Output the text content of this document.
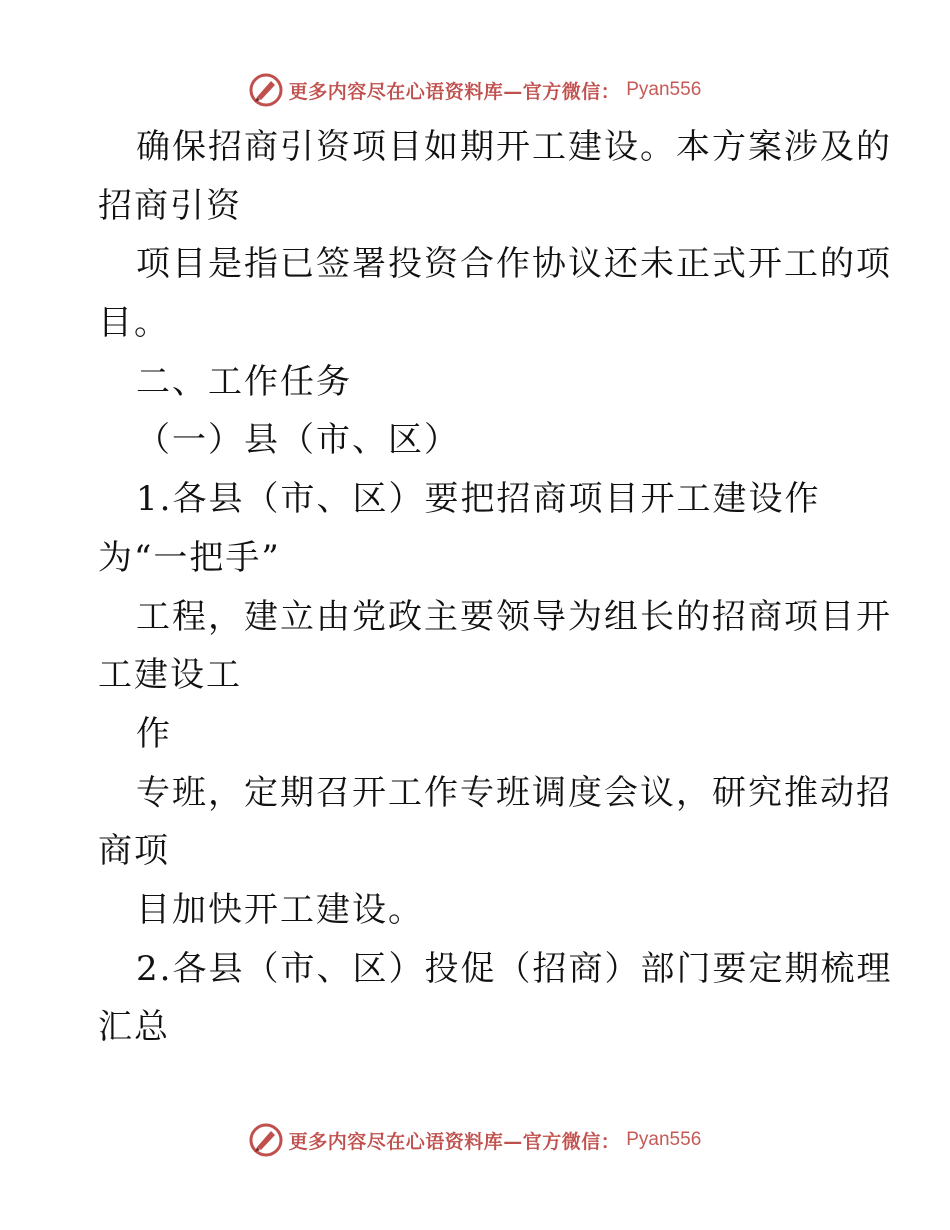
更多内容尽在心语资料库—官方微信： Pyan556
确保招商引资项目如期开工建设。本方案涉及的
招商引资
项目是指已签署投资合作协议还未正式开工的项
目。
二、工作任务
（一）县（市、区）
1.各县（市、区）要把招商项目开工建设作
为“一把手”
工程，建立由党政主要领导为组长的招商项目开
工建设工
作
专班，定期召开工作专班调度会议，研究推动招
商项
目加快开工建设。
2.各县（市、区）投促（招商）部门要定期梳理
汇总
更多内容尽在心语资料库—官方微信： Pyan556
